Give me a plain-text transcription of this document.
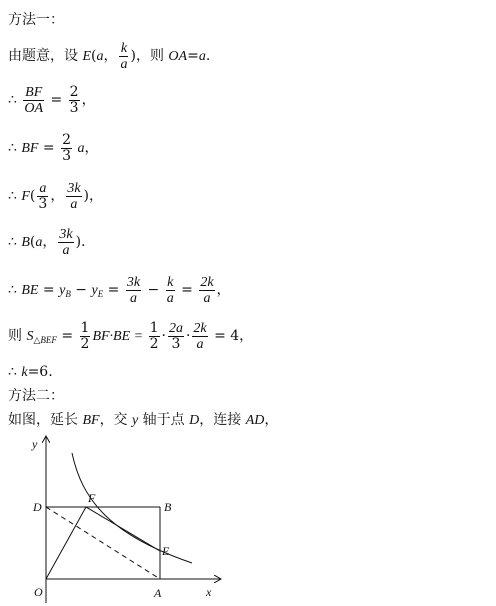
方法一：
由题意，设 E(a， $\frac{k}{a}$ )，则 OA=a.
∴ $\frac{BF}{OA} = \frac{2}{3}$ ，
∴ BF = $\frac{2}{3}$ a，
∴ $F( \frac{a}{3}$ ， $\frac{3k}{a}$ )，
∴ B(a， $\frac{3k}{a}$ )．
∴ BE = $y_B - y_E = \frac{3k}{a} - \frac{k}{a} = \frac{2k}{a}$ ，
则 $S_{\triangle BEF} = \frac{1}{2} BF\cdot BE = \frac{1}{2} \cdot \frac{2a}{3} \cdot \frac{2k}{a} = 4$，
∴ k=6.
方法二：
如图，延长 BF，交 y 轴于点 D，连接 AD，
y
x
O
D
F
B
E
A
